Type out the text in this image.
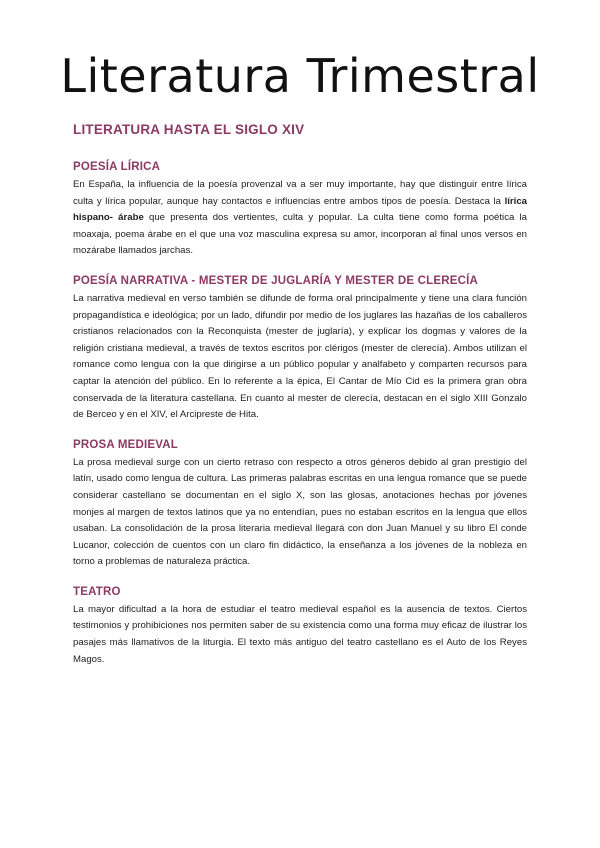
Literatura Trimestral
LITERATURA HASTA EL SIGLO XIV
POESÍA LÍRICA

En España, la influencia de la poesía provenzal va a ser muy importante, hay que distinguir entre lírica culta y lírica popular, aunque hay contactos e influencias entre ambos tipos de poesía. Destaca la lírica hispano- árabe que presenta dos vertientes, culta y popular. La culta tiene como forma poética la moaxaja, poema árabe en el que una voz masculina expresa su amor, incorporan al final unos versos en mozárabe llamados jarchas.

POESÍA NARRATIVA - MESTER DE JUGLARÍA Y MESTER DE CLERECÍA

La narrativa medieval en verso también se difunde de forma oral principalmente y tiene una clara función propagandística e ideológica; por un lado, difundir por medio de los juglares las hazañas de los caballeros cristianos relacionados con la Reconquista (mester de juglaría), y explicar los dogmas y valores de la religión cristiana medieval, a través de textos escritos por clérigos (mester de clerecía). Ambos utilizan el romance como lengua con la que dirigirse a un público popular y analfabeto y comparten recursos para captar la atención del público. En lo referente a la épica, El Cantar de Mío Cid es la primera gran obra conservada de la literatura castellana. En cuanto al mester de clerecía, destacan en el siglo XIII Gonzalo de Berceo y en el XIV, el Arcipreste de Hita.

PROSA MEDIEVAL

La prosa medieval surge con un cierto retraso con respecto a otros géneros debido al gran prestigio del latín, usado como lengua de cultura. Las primeras palabras escritas en una lengua romance que se puede considerar castellano se documentan en el siglo X, son las glosas, anotaciones hechas por jóvenes monjes al margen de textos latinos que ya no entendían, pues no estaban escritos en la lengua que ellos usaban. La consolidación de la prosa literaria medieval llegará con don Juan Manuel y su libro El conde Lucanor, colección de cuentos con un claro fin didáctico, la enseñanza a los jóvenes de la nobleza en torno a problemas de naturaleza práctica.

TEATRO

La mayor dificultad a la hora de estudiar el teatro medieval español es la ausencia de textos. Ciertos testimonios y prohibiciones nos permiten saber de su existencia como una forma muy eficaz de ilustrar los pasajes más llamativos de la liturgia. El texto más antiguo del teatro castellano es el Auto de los Reyes Magos.
